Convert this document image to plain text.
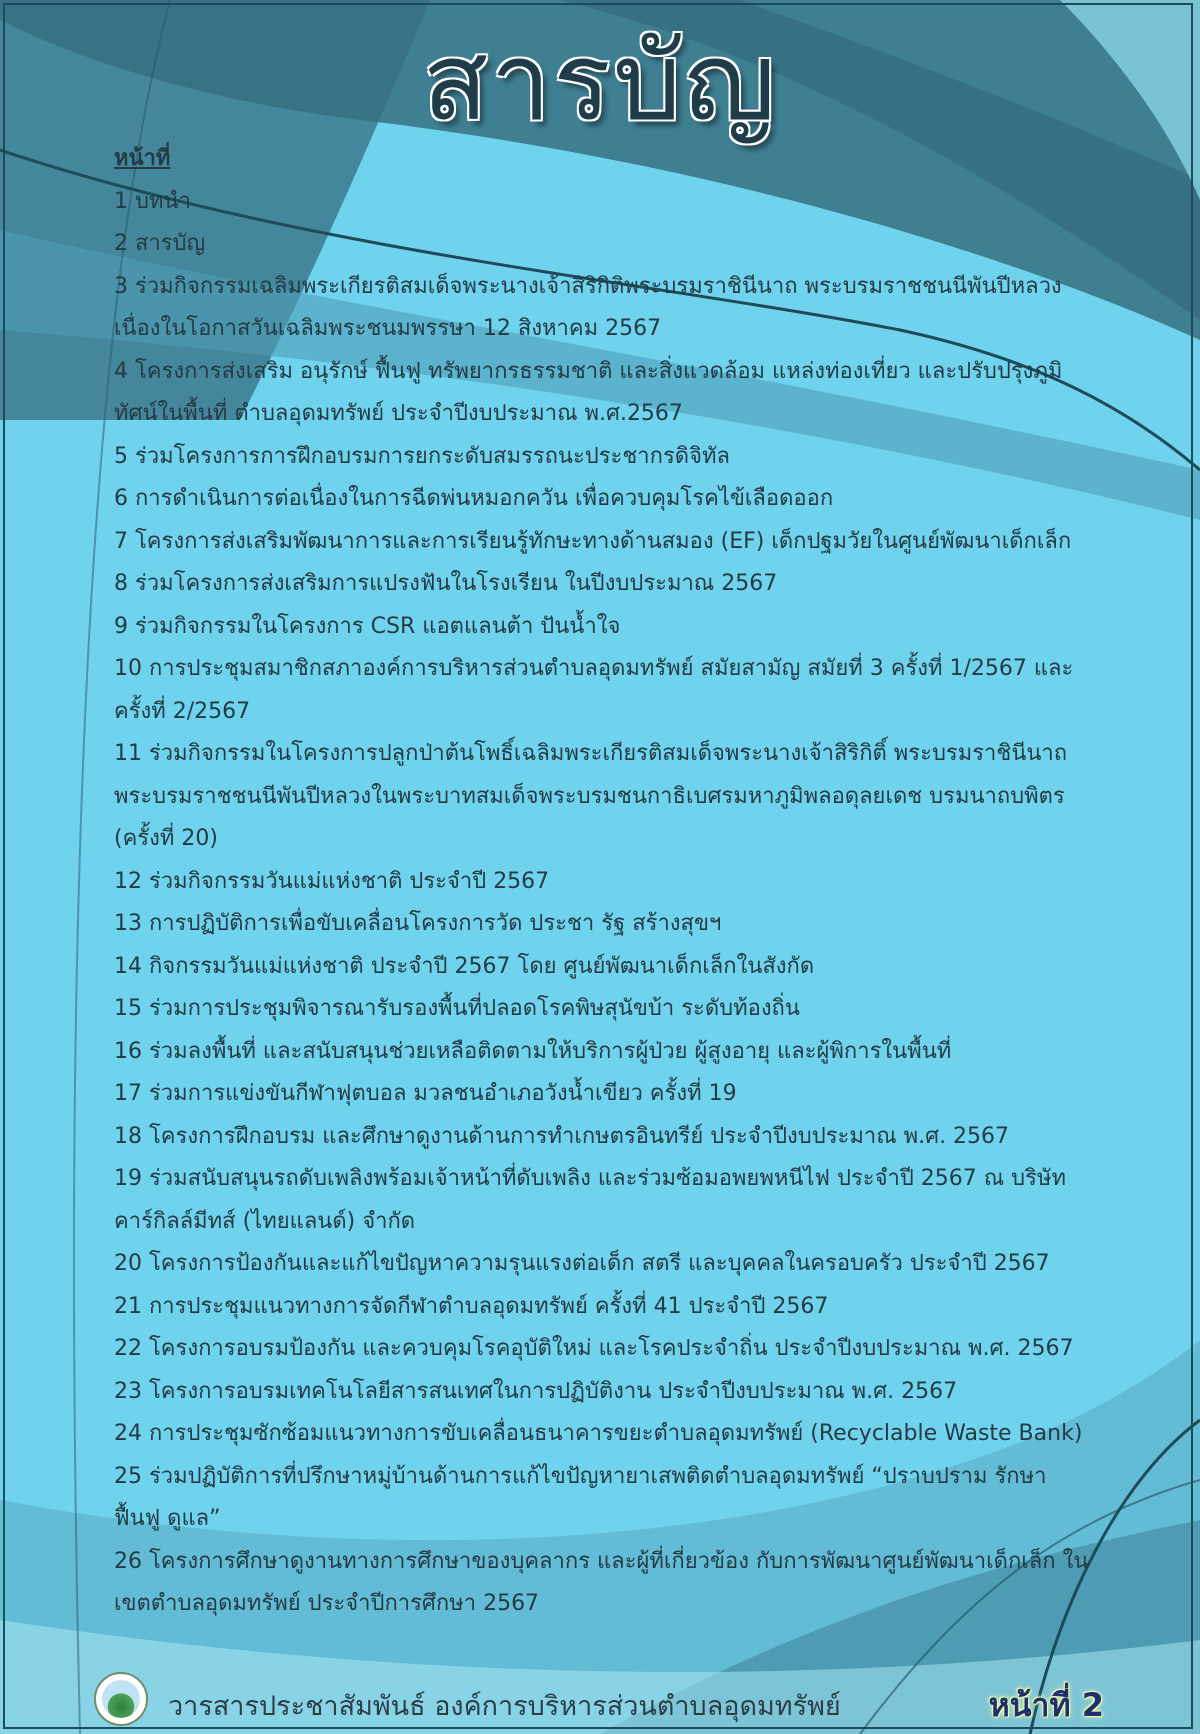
สารบัญ
หน้าที่
1 บทนำ
2 สารบัญ
3 ร่วมกิจกรรมเฉลิมพระเกียรติสมเด็จพระนางเจ้าสิริกิติพระบรมราชินีนาถ พระบรมราชชนนีพันปีหลวง เนื่องในโอกาสวันเฉลิมพระชนมพรรษา 12 สิงหาคม 2567
4 โครงการส่งเสริม อนุรักษ์ ฟื้นฟู ทรัพยากรธรรมชาติ และสิ่งแวดล้อม แหล่งท่องเที่ยว และปรับปรุงภูมิทัศน์ในพื้นที่ ตำบลอุดมทรัพย์ ประจำปีงบประมาณ พ.ศ.2567
5 ร่วมโครงการการฝึกอบรมการยกระดับสมรรถนะประชากรดิจิทัล
6 การดำเนินการต่อเนื่องในการฉีดพ่นหมอกควัน เพื่อควบคุมโรคไข้เลือดออก
7 โครงการส่งเสริมพัฒนาการและการเรียนรู้ทักษะทางด้านสมอง (EF) เด็กปฐมวัยในศูนย์พัฒนาเด็กเล็ก
8 ร่วมโครงการส่งเสริมการแปรงฟันในโรงเรียน ในปีงบประมาณ 2567
9 ร่วมกิจกรรมในโครงการ CSR แอตแลนต้า ปันน้ำใจ
10 การประชุมสมาชิกสภาองค์การบริหารส่วนตำบลอุดมทรัพย์ สมัยสามัญ สมัยที่ 3 ครั้งที่ 1/2567 และครั้งที่ 2/2567
11 ร่วมกิจกรรมในโครงการปลูกป่าต้นโพธิ์เฉลิมพระเกียรติสมเด็จพระนางเจ้าสิริกิติ์ พระบรมราชินีนาถ พระบรมราชชนนีพันปีหลวงในพระบาทสมเด็จพระบรมชนกาธิเบศรมหาภูมิพลอดุลยเดช บรมนาถบพิตร (ครั้งที่ 20)
12 ร่วมกิจกรรมวันแม่แห่งชาติ ประจำปี 2567
13 การปฏิบัติการเพื่อขับเคลื่อนโครงการวัด ประชา รัฐ สร้างสุขฯ
14 กิจกรรมวันแม่แห่งชาติ ประจำปี 2567 โดย ศูนย์พัฒนาเด็กเล็กในสังกัด
15 ร่วมการประชุมพิจารณารับรองพื้นที่ปลอดโรคพิษสุนัขบ้า ระดับท้องถิ่น
16 ร่วมลงพื้นที่ และสนับสนุนช่วยเหลือติดตามให้บริการผู้ป่วย ผู้สูงอายุ และผู้พิการในพื้นที่
17 ร่วมการแข่งขันกีฬาฟุตบอล มวลชนอำเภอวังน้ำเขียว ครั้งที่ 19
18 โครงการฝึกอบรม และศึกษาดูงานด้านการทำเกษตรอินทรีย์ ประจำปีงบประมาณ พ.ศ. 2567
19 ร่วมสนับสนุนรถดับเพลิงพร้อมเจ้าหน้าที่ดับเพลิง และร่วมซ้อมอพยพหนีไฟ ประจำปี 2567 ณ บริษัท คาร์กิลล์มีทส์ (ไทยแลนด์) จำกัด
20 โครงการป้องกันและแก้ไขปัญหาความรุนแรงต่อเด็ก สตรี และบุคคลในครอบครัว ประจำปี 2567
21 การประชุมแนวทางการจัดกีฬาตำบลอุดมทรัพย์ ครั้งที่ 41 ประจำปี 2567
22 โครงการอบรมป้องกัน และควบคุมโรคอุบัติใหม่ และโรคประจำถิ่น ประจำปีงบประมาณ พ.ศ. 2567
23 โครงการอบรมเทคโนโลยีสารสนเทศในการปฏิบัติงาน ประจำปีงบประมาณ พ.ศ. 2567
24 การประชุมซักซ้อมแนวทางการขับเคลื่อนธนาคารขยะตำบลอุดมทรัพย์ (Recyclable Waste Bank)
25 ร่วมปฏิบัติการที่ปรึกษาหมู่บ้านด้านการแก้ไขปัญหายาเสพติดตำบลอุดมทรัพย์ “ปราบปราม รักษา ฟื้นฟู ดูแล”
26 โครงการศึกษาดูงานทางการศึกษาของบุคลากร และผู้ที่เกี่ยวข้อง กับการพัฒนาศูนย์พัฒนาเด็กเล็ก ในเขตตำบลอุดมทรัพย์ ประจำปีการศึกษา 2567
วารสารประชาสัมพันธ์ องค์การบริหารส่วนตำบลอุดมทรัพย์	หน้าที่ 2
